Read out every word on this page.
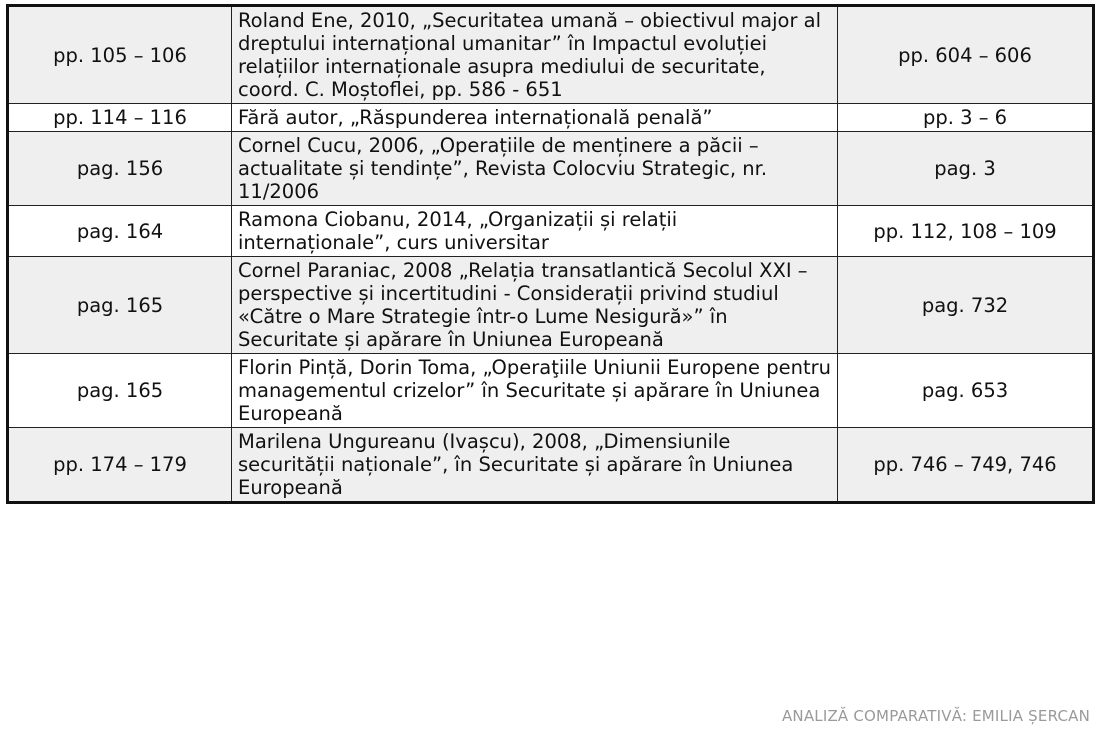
pp. 105 – 106	Roland Ene, 2010, „Securitatea umană – obiectivul major al dreptului internațional umanitar” în Impactul evoluției relațiilor internaționale asupra mediului de securitate, coord. C. Moștoflei, pp. 586 - 651	pp. 604 – 606
pp. 114 – 116	Fără autor, „Răspunderea internațională penală”	pp. 3 – 6
pag. 156	Cornel Cucu, 2006, „Operațiile de menținere a păcii – actualitate și tendințe”, Revista Colocviu Strategic, nr. 11/2006	pag. 3
pag. 164	Ramona Ciobanu, 2014, „Organizații și relații internaționale”, curs universitar	pp. 112, 108 – 109
pag. 165	Cornel Paraniac, 2008 „Relația transatlantică Secolul XXI – perspective și incertitudini - Considerații privind studiul «Către o Mare Strategie într-o Lume Nesigură»” în Securitate și apărare în Uniunea Europeană	pag. 732
pag. 165	Florin Pință, Dorin Toma, „Operaţiile Uniunii Europene pentru managementul crizelor” în Securitate și apărare în Uniunea Europeană	pag. 653
pp. 174 – 179	Marilena Ungureanu (Ivașcu), 2008, „Dimensiunile securității naționale”, în Securitate și apărare în Uniunea Europeană	pp. 746 – 749, 746
ANALIZĂ COMPARATIVĂ: EMILIA ȘERCAN
